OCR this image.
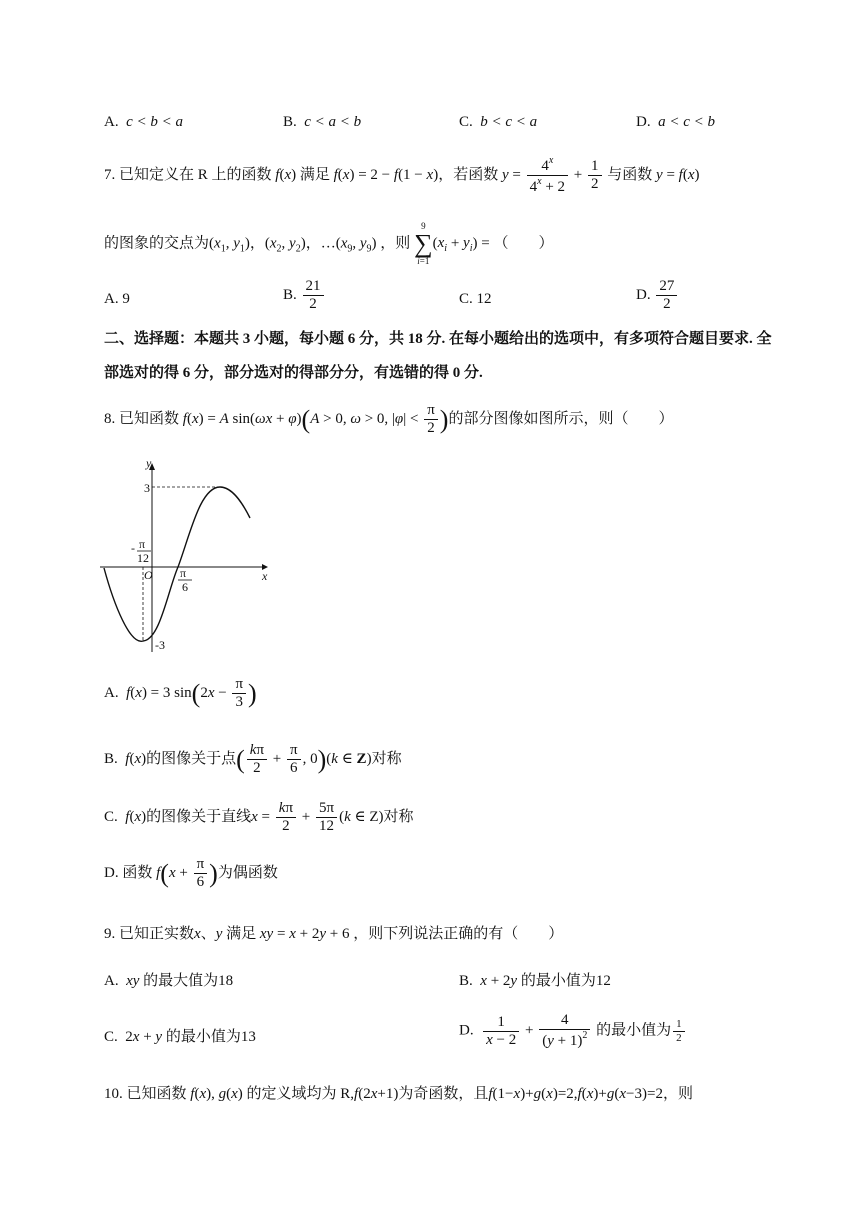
A. c < b < a	B. c < a < b	C. b < c < a	D. a < c < b
7. 已知定义在 R 上的函数 f(x) 满足 f(x) = 2 − f(1 − x)，若函数 $y = \frac{4^x}{4^x + 2} + \frac{1}{2}$ 与函数 y = f(x)
的图象的交点为($x_1$, $y_1$)，($x_2$, $y_2$)，$\dots(x_9$, $y_9$) ，则
9
∑
i=1
$(x_i + y_i)$ = （　　）
A. 9	B. $\frac{21}{2}$	C. 12	D. $\frac{27}{2}$
二、选择题：本题共 3 小题，每小题 6 分，共 18 分. 在每小题给出的选项中，有多项符合题目要求. 全
部选对的得 6 分，部分选对的得部分分，有选错的得 0 分.
8. 已知函数 f(x) = A sin(ωx + φ)(A > 0, ω > 0, $|\varphi| < \frac{\pi}{2}$ )的部分图像如图所示，则（　　）
y
x
O
3
-3
- π
12
π
6
A. f(x) = 3 $\sin(2x - \frac{\pi}{3}$ )
B. f(x)的图像关于点( $\frac{k\pi}{2} + \frac{\pi}{6}$ , 0)(k ∈ Z)对称
C. f(x)的图像关于直线$x = \frac{k\pi}{2} + \frac{5\pi}{12} (k$ ∈ Z)对称
D. 函数 $f(x + \frac{\pi}{6}$ )为偶函数
9. 已知正实数x、y 满足 xy = x + 2y + 6 ，则下列说法正确的有（　　）
A. xy 的最大值为18	B. x + 2y 的最小值为12
C.  2x + y 的最小值为13	D. $\frac{1}{x - 2} + \frac{4}{(y + 1)^2}$ 的最小值为 $\frac{1}{2}$
10. 已知函数 f(x), g(x) 的定义域均为 R,f(2x+1)为奇函数，且f(1−x)+g(x)=2,f(x)+g(x−3)=2，则
